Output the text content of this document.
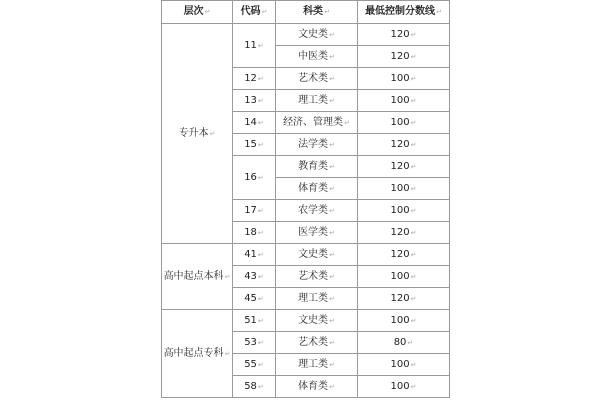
层次↵	代码↵	科类↵	最低控制分数线↵
专升本↵	11↵	文史类↵	120↵
		中医类↵	120↵
	12↵	艺术类↵	100↵
	13↵	理工类↵	100↵
	14↵	经济、管理类↵	100↵
	15↵	法学类↵	120↵
	16↵	教育类↵	120↵
		体育类↵	100↵
	17↵	农学类↵	100↵
	18↵	医学类↵	120↵
高中起点本科↵	41↵	文史类↵	120↵
	43↵	艺术类↵	100↵
	45↵	理工类↵	120↵
高中起点专科↵	51↵	文史类↵	100↵
	53↵	艺术类↵	80↵
	55↵	理工类↵	100↵
	58↵	体育类↵	100↵
